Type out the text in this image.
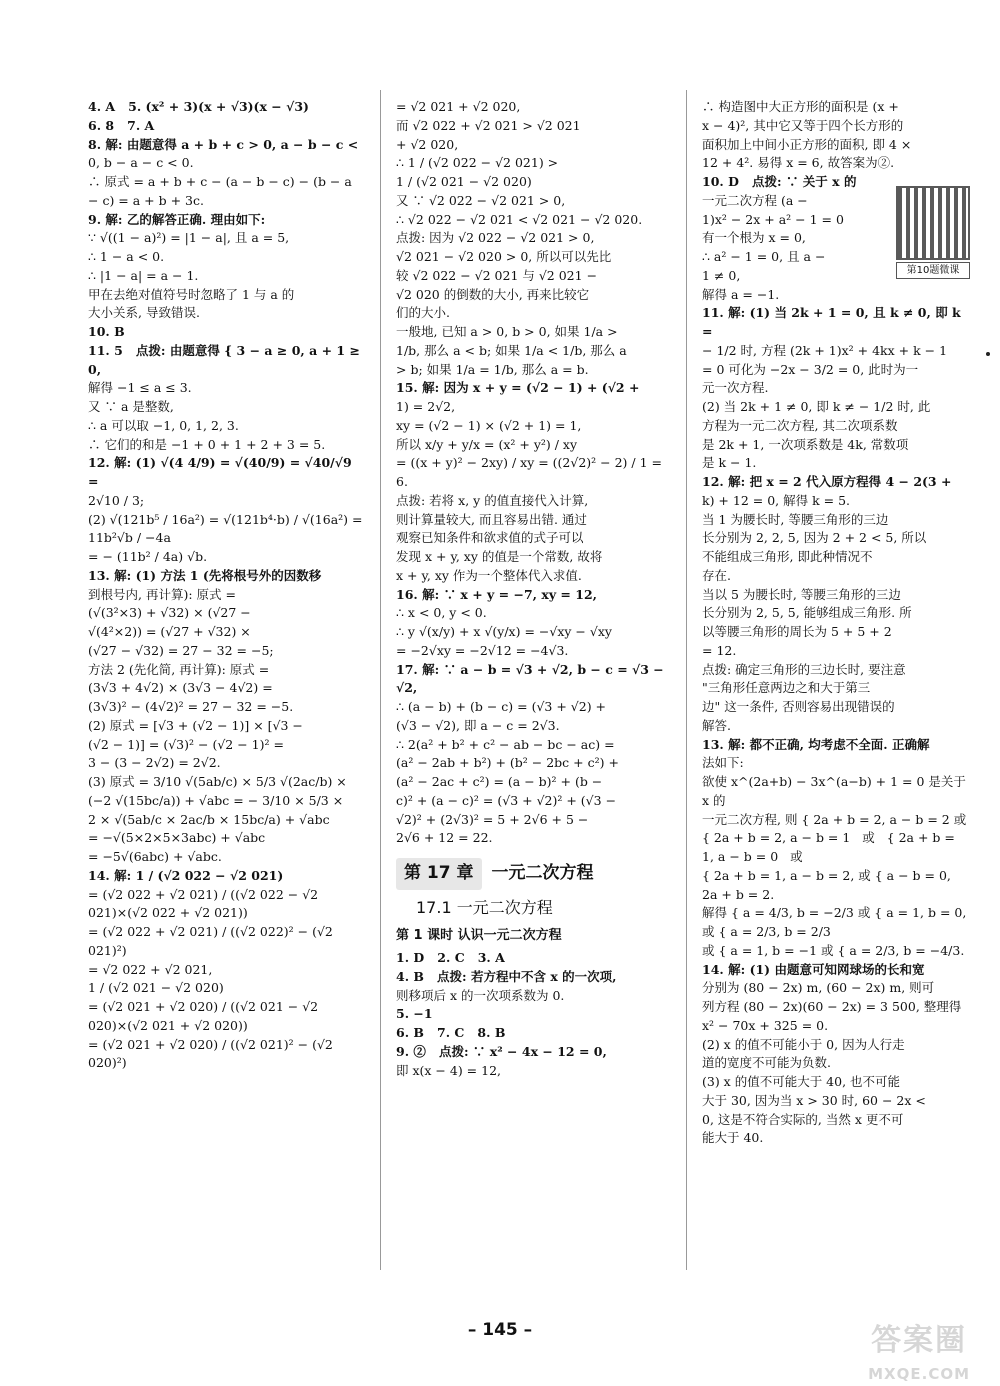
4. A   5. (x² + 3)(x + √3)(x − √3)
6. 8   7. A
8. 解: 由题意得 a + b + c > 0, a − b − c <
0, b − a − c < 0.
∴ 原式 = a + b + c − (a − b − c) − (b − a
− c) = a + b + 3c.
9. 解: 乙的解答正确. 理由如下:
∵ √((1 − a)²) = |1 − a|, 且 a = 5,
∴ 1 − a < 0.
∴ |1 − a| = a − 1.
甲在去绝对值符号时忽略了 1 与 a 的
大小关系, 导致错误.
10. B
11. 5   点拨: 由题意得 { 3 − a ≥ 0, a + 1 ≥ 0,
解得 −1 ≤ a ≤ 3.
又 ∵ a 是整数,
∴ a 可以取 −1, 0, 1, 2, 3.
∴ 它们的和是 −1 + 0 + 1 + 2 + 3 = 5.
12. 解: (1) √(4 4/9) = √(40/9) = √40/√9 =
2√10 / 3;
(2) √(121b⁵ / 16a²) = √(121b⁴·b) / √(16a²) = 11b²√b / −4a
= − (11b² / 4a) √b.
13. 解: (1) 方法 1 (先将根号外的因数移
到根号内, 再计算): 原式 =
(√(3²×3) + √32) × (√27 −
√(4²×2)) = (√27 + √32) ×
(√27 − √32) = 27 − 32 = −5;
方法 2 (先化简, 再计算): 原式 =
(3√3 + 4√2) × (3√3 − 4√2) =
(3√3)² − (4√2)² = 27 − 32 = −5.
(2) 原式 = [√3 + (√2 − 1)] × [√3 −
(√2 − 1)] = (√3)² − (√2 − 1)² =
3 − (3 − 2√2) = 2√2.
(3) 原式 = 3/10 √(5ab/c) × 5/3 √(2ac/b) ×
(−2 √(15bc/a)) + √abc = − 3/10 × 5/3 ×
2 × √(5ab/c × 2ac/b × 15bc/a) + √abc
= −√(5×2×5×3abc) + √abc
= −5√(6abc) + √abc.
14. 解: 1 / (√2 022 − √2 021)
= (√2 022 + √2 021) / ((√2 022 − √2 021)×(√2 022 + √2 021))
= (√2 022 + √2 021) / ((√2 022)² − (√2 021)²)
= √2 022 + √2 021,
1 / (√2 021 − √2 020)
= (√2 021 + √2 020) / ((√2 021 − √2 020)×(√2 021 + √2 020))
= (√2 021 + √2 020) / ((√2 021)² − (√2 020)²)
= √2 021 + √2 020,
而 √2 022 + √2 021 > √2 021
+ √2 020,
∴ 1 / (√2 022 − √2 021) >
1 / (√2 021 − √2 020)
又 ∵ √2 022 − √2 021 > 0,
∴ √2 022 − √2 021 < √2 021 − √2 020.
点拨: 因为 √2 022 − √2 021 > 0,
√2 021 − √2 020 > 0, 所以可以先比
较 √2 022 − √2 021 与 √2 021 −
√2 020 的倒数的大小, 再来比较它
们的大小.
一般地, 已知 a > 0, b > 0, 如果 1/a >
1/b, 那么 a < b; 如果 1/a < 1/b, 那么 a
> b; 如果 1/a = 1/b, 那么 a = b.
15. 解: 因为 x + y = (√2 − 1) + (√2 +
1) = 2√2,
xy = (√2 − 1) × (√2 + 1) = 1,
所以 x/y + y/x = (x² + y²) / xy
= ((x + y)² − 2xy) / xy = ((2√2)² − 2) / 1 = 6.
点拨: 若将 x, y 的值直接代入计算,
则计算量较大, 而且容易出错. 通过
观察已知条件和欲求值的式子可以
发现 x + y, xy 的值是一个常数, 故将
x + y, xy 作为一个整体代入求值.
16. 解: ∵ x + y = −7, xy = 12,
∴ x < 0, y < 0.
∴ y √(x/y) + x √(y/x) = −√xy − √xy
= −2√xy = −2√12 = −4√3.
17. 解: ∵ a − b = √3 + √2, b − c = √3 − √2,
∴ (a − b) + (b − c) = (√3 + √2) +
(√3 − √2), 即 a − c = 2√3.
∴ 2(a² + b² + c² − ab − bc − ac) =
(a² − 2ab + b²) + (b² − 2bc + c²) +
(a² − 2ac + c²) = (a − b)² + (b −
c)² + (a − c)² = (√3 + √2)² + (√3 −
√2)² + (2√3)² = 5 + 2√6 + 5 −
2√6 + 12 = 22.
第 17 章	一元二次方程
17.1 一元二次方程
第 1 课时 认识一元二次方程
1. D   2. C   3. A
4. B   点拨: 若方程中不含 x 的一次项,
则移项后 x 的一次项系数为 0.
5. −1
6. B   7. C   8. B
9. ②   点拨: ∵ x² − 4x − 12 = 0,
即 x(x − 4) = 12,
第10题微课
∴ 构造图中大正方形的面积是 (x +
x − 4)², 其中它又等于四个长方形的
面积加上中间小正方形的面积, 即 4 ×
12 + 4². 易得 x = 6, 故答案为②.
10. D   点拨: ∵ 关于 x 的
一元二次方程 (a −
1)x² − 2x + a² − 1 = 0
有一个根为 x = 0,
∴ a² − 1 = 0, 且 a −
1 ≠ 0,
解得 a = −1.
11. 解: (1) 当 2k + 1 = 0, 且 k ≠ 0, 即 k =
− 1/2 时, 方程 (2k + 1)x² + 4kx + k − 1
= 0 可化为 −2x − 3/2 = 0, 此时为一
元一次方程.
(2) 当 2k + 1 ≠ 0, 即 k ≠ − 1/2 时, 此
方程为一元二次方程, 其二次项系数
是 2k + 1, 一次项系数是 4k, 常数项
是 k − 1.
12. 解: 把 x = 2 代入原方程得 4 − 2(3 +
k) + 12 = 0, 解得 k = 5.
当 1 为腰长时, 等腰三角形的三边
长分别为 2, 2, 5, 因为 2 + 2 < 5, 所以
不能组成三角形, 即此种情况不
存在.
当以 5 为腰长时, 等腰三角形的三边
长分别为 2, 5, 5, 能够组成三角形. 所
以等腰三角形的周长为 5 + 5 + 2
= 12.
点拨: 确定三角形的三边长时, 要注意
"三角形任意两边之和大于第三
边" 这一条件, 否则容易出现错误的
解答.
13. 解: 都不正确, 均考虑不全面. 正确解
法如下:
欲使 x^(2a+b) − 3x^(a−b) + 1 = 0 是关于 x 的
一元二次方程, 则 { 2a + b = 2, a − b = 2 或
{ 2a + b = 2, a − b = 1   或   { 2a + b = 1, a − b = 0   或
{ 2a + b = 1, a − b = 2, 或 { a − b = 0, 2a + b = 2.
解得 { a = 4/3, b = −2/3 或 { a = 1, b = 0, 或 { a = 2/3, b = 2/3
或 { a = 1, b = −1 或 { a = 2/3, b = −4/3.
14. 解: (1) 由题意可知网球场的长和宽
分别为 (80 − 2x) m, (60 − 2x) m, 则可
列方程 (80 − 2x)(60 − 2x) = 3 500, 整理得 x² − 70x + 325 = 0.
(2) x 的值不可能小于 0, 因为人行走
道的宽度不可能为负数.
(3) x 的值不可能大于 40, 也不可能
大于 30, 因为当 x > 30 时, 60 − 2x <
0, 这是不符合实际的, 当然 x 更不可
能大于 40.
– 145 –	答案圈
MXQE.COM
